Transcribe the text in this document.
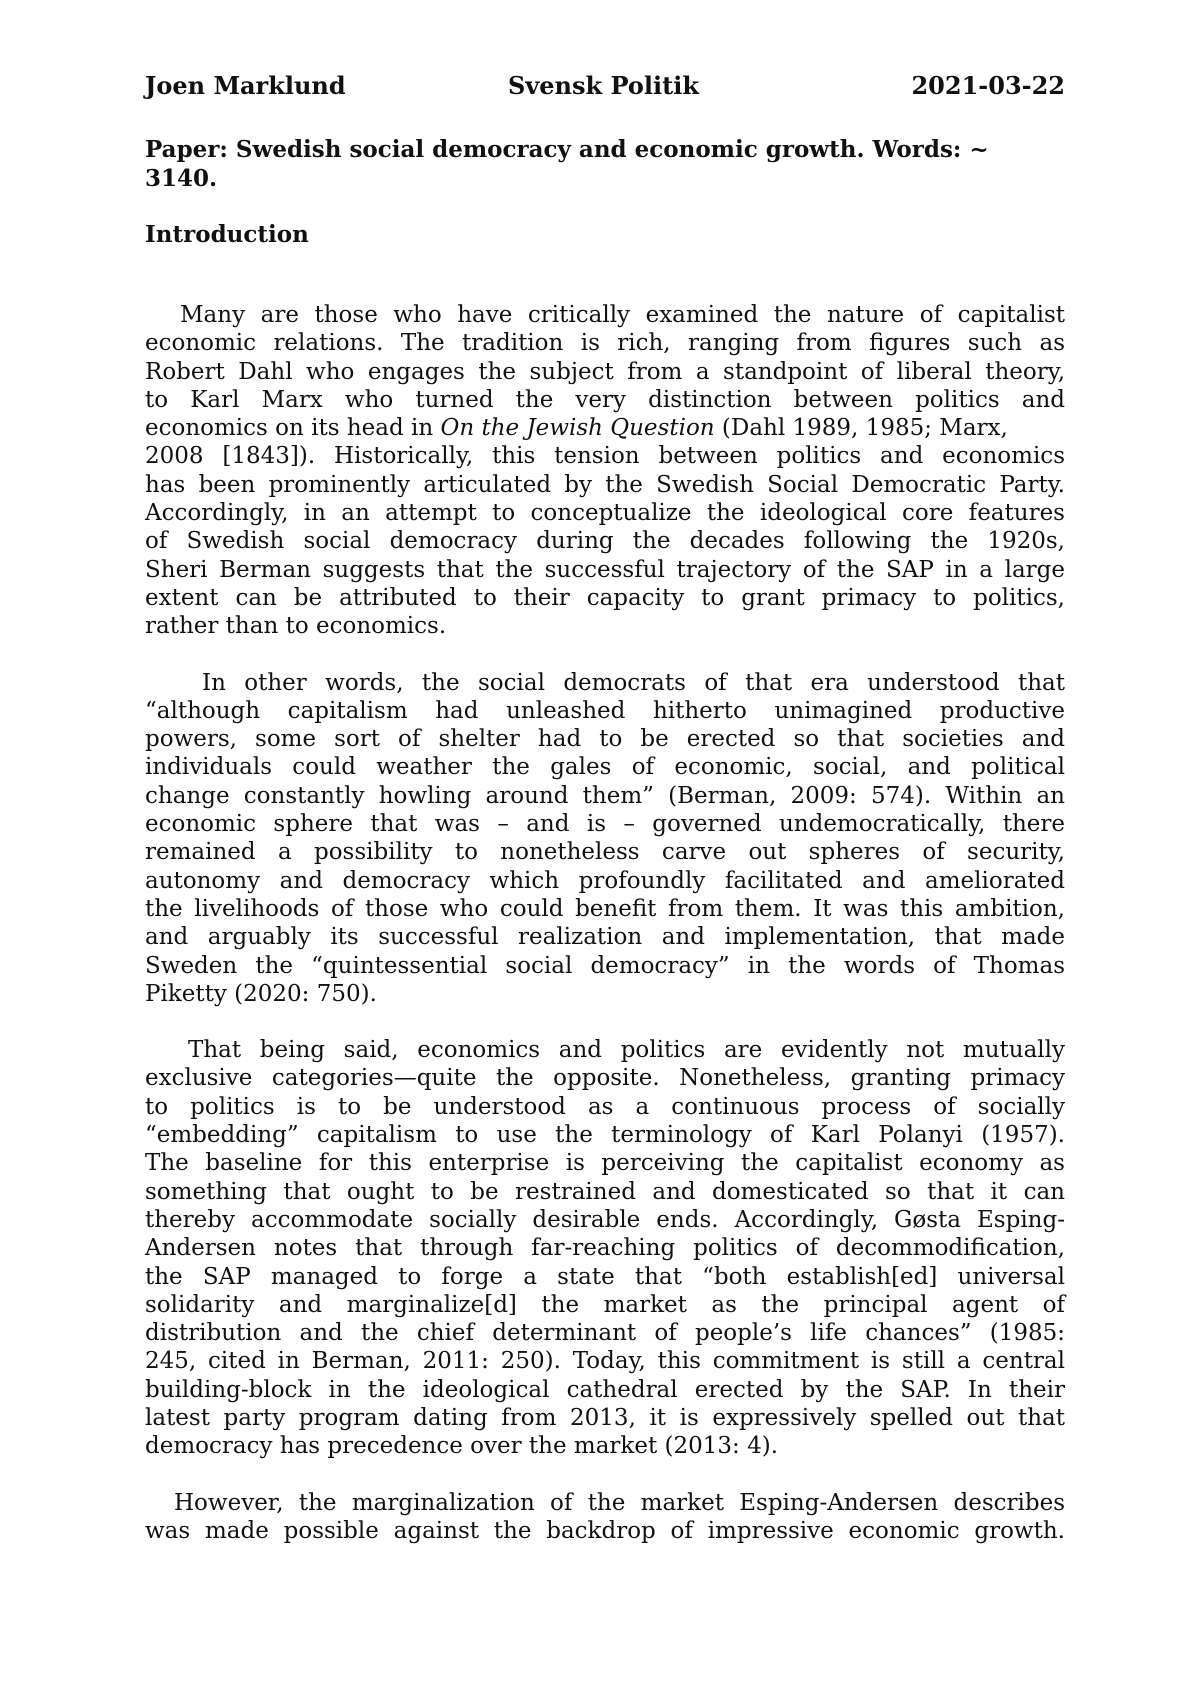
Joen Marklund	Svensk Politik	2021-03-22
Paper: Swedish social democracy and economic growth. Words: ~
3140.
Introduction
Many are those who have critically examined the nature of capitalist
economic relations. The tradition is rich, ranging from figures such as
Robert Dahl who engages the subject from a standpoint of liberal theory,
to Karl Marx who turned the very distinction between politics and
economics on its head in On the Jewish Question (Dahl 1989, 1985; Marx,
2008 [1843]). Historically, this tension between politics and economics
has been prominently articulated by the Swedish Social Democratic Party.
Accordingly, in an attempt to conceptualize the ideological core features
of Swedish social democracy during the decades following the 1920s,
Sheri Berman suggests that the successful trajectory of the SAP in a large
extent can be attributed to their capacity to grant primacy to politics,
rather than to economics.
In other words, the social democrats of that era understood that
“although capitalism had unleashed hitherto unimagined productive
powers, some sort of shelter had to be erected so that societies and
individuals could weather the gales of economic, social, and political
change constantly howling around them” (Berman, 2009: 574). Within an
economic sphere that was – and is – governed undemocratically, there
remained a possibility to nonetheless carve out spheres of security,
autonomy and democracy which profoundly facilitated and ameliorated
the livelihoods of those who could benefit from them. It was this ambition,
and arguably its successful realization and implementation, that made
Sweden the “quintessential social democracy” in the words of Thomas
Piketty (2020: 750).
That being said, economics and politics are evidently not mutually
exclusive categories—quite the opposite. Nonetheless, granting primacy
to politics is to be understood as a continuous process of socially
“embedding” capitalism to use the terminology of Karl Polanyi (1957).
The baseline for this enterprise is perceiving the capitalist economy as
something that ought to be restrained and domesticated so that it can
thereby accommodate socially desirable ends. Accordingly, Gøsta Esping-
Andersen notes that through far-reaching politics of decommodification,
the SAP managed to forge a state that “both establish[ed] universal
solidarity and marginalize[d] the market as the principal agent of
distribution and the chief determinant of people’s life chances” (1985:
245, cited in Berman, 2011: 250). Today, this commitment is still a central
building-block in the ideological cathedral erected by the SAP. In their
latest party program dating from 2013, it is expressively spelled out that
democracy has precedence over the market (2013: 4).
However, the marginalization of the market Esping-Andersen describes
was made possible against the backdrop of impressive economic growth.
